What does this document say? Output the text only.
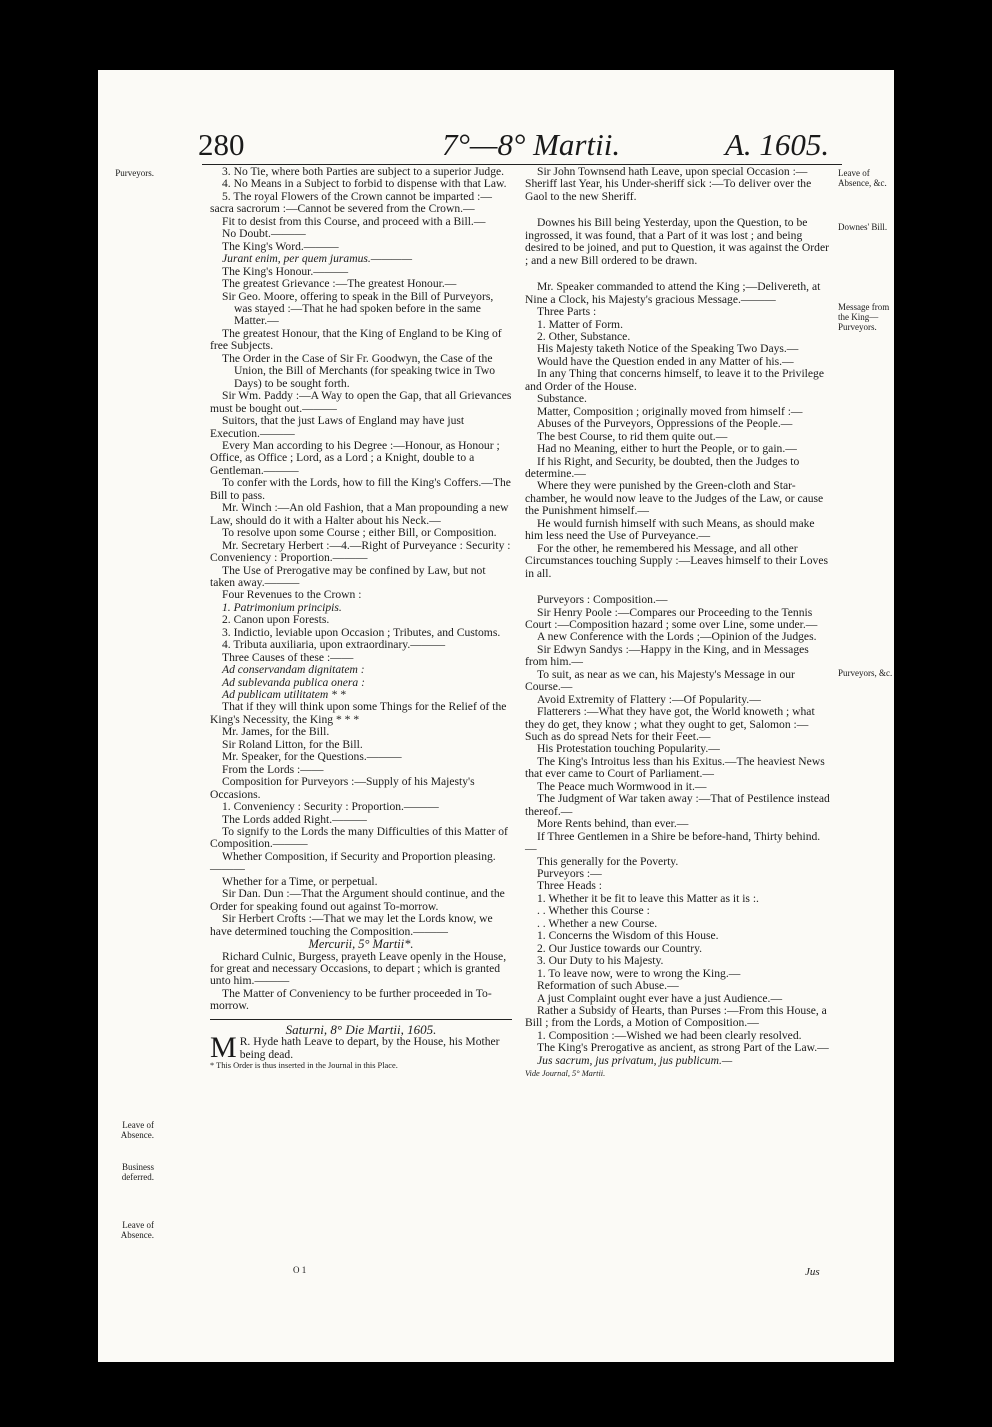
280	7°—8° Martii.	A. 1605.
Purveyors.
Leave of Absence.
Business deferred.
Leave of Absence.
Leave of Absence, &c.
Downes' Bill.
Message from the King—Purveyors.
Purveyors, &c.

3. No Tie, where both Parties are subject to a superior Judge.

4. No Means in a Subject to forbid to dispense with that Law.

5. The royal Flowers of the Crown cannot be imparted :—sacra sacrorum :—Cannot be severed from the Crown.—

Fit to desist from this Course, and proceed with a Bill.—

No Doubt.———

The King's Word.———

Jurant enim, per quem juramus.————

The King's Honour.———

The greatest Grievance :—The greatest Honour.—

Sir Geo. Moore, offering to speak in the Bill of Purveyors, was stayed :—That he had spoken before in the same Matter.—

The greatest Honour, that the King of England to be King of free Subjects.

The Order in the Case of Sir Fr. Goodwyn, the Case of the Union, the Bill of Merchants (for speaking twice in Two Days) to be sought forth.

Sir Wm. Paddy :—A Way to open the Gap, that all Grievances must be bought out.———

Suitors, that the just Laws of England may have just Execution.———

Every Man according to his Degree :—Honour, as Honour ; Office, as Office ; Lord, as a Lord ; a Knight, double to a Gentleman.———

To confer with the Lords, how to fill the King's Coffers.—The Bill to pass.

Mr. Winch :—An old Fashion, that a Man propounding a new Law, should do it with a Halter about his Neck.—

To resolve upon some Course ; either Bill, or Composition.

Mr. Secretary Herbert :—4.—Right of Purveyance : Security : Conveniency : Proportion.———

The Use of Prerogative may be confined by Law, but not taken away.———

Four Revenues to the Crown :

1. Patrimonium principis.

2. Canon upon Forests.

3. Indictio, leviable upon Occasion ; Tributes, and Customs.

4. Tributa auxiliaria, upon extraordinary.———

Three Causes of these :——

Ad conservandam dignitatem :

Ad sublevanda publica onera :

Ad publicam utilitatem * *

That if they will think upon some Things for the Relief of the King's Necessity, the King * * *

Mr. James, for the Bill.

Sir Roland Litton, for the Bill.

Mr. Speaker, for the Questions.———

From the Lords :——

Composition for Purveyors :—Supply of his Majesty's Occasions.

1. Conveniency : Security : Proportion.———

The Lords added Right.———

To signify to the Lords the many Difficulties of this Matter of Composition.———

Whether Composition, if Security and Proportion pleasing.———

Whether for a Time, or perpetual.

Sir Dan. Dun :—That the Argument should continue, and the Order for speaking found out against To-morrow.

Sir Herbert Crofts :—That we may let the Lords know, we have determined touching the Composition.———

Mercurii, 5° Martii*.

Richard Culnic, Burgess, prayeth Leave openly in the House, for great and necessary Occasions, to depart ; which is granted unto him.———

The Matter of Conveniency to be further proceeded in To-morrow.

Saturni, 8° Die Martii, 1605.

M R. Hyde hath Leave to depart, by the House, his Mother being dead.

* This Order is thus inserted in the Journal in this Place.

Sir John Townsend hath Leave, upon special Occasion :—Sheriff last Year, his Under-sheriff sick :—To deliver over the Gaol to the new Sheriff.

Downes his Bill being Yesterday, upon the Question, to be ingrossed, it was found, that a Part of it was lost ; and being desired to be joined, and put to Question, it was against the Order ; and a new Bill ordered to be drawn.

Mr. Speaker commanded to attend the King ;—Delivereth, at Nine a Clock, his Majesty's gracious Message.———

Three Parts :

1. Matter of Form.

2. Other, Substance.

His Majesty taketh Notice of the Speaking Two Days.—

Would have the Question ended in any Matter of his.—

In any Thing that concerns himself, to leave it to the Privilege and Order of the House.

Substance.

Matter, Composition ; originally moved from himself :—

Abuses of the Purveyors, Oppressions of the People.—

The best Course, to rid them quite out.—

Had no Meaning, either to hurt the People, or to gain.—

If his Right, and Security, be doubted, then the Judges to determine.—

Where they were punished by the Green-cloth and Star-chamber, he would now leave to the Judges of the Law, or cause the Punishment himself.—

He would furnish himself with such Means, as should make him less need the Use of Purveyance.—

For the other, he remembered his Message, and all other Circumstances touching Supply :—Leaves himself to their Loves in all.

Purveyors : Composition.—

Sir Henry Poole :—Compares our Proceeding to the Tennis Court :—Composition hazard ; some over Line, some under.—

A new Conference with the Lords ;—Opinion of the Judges.

Sir Edwyn Sandys :—Happy in the King, and in Messages from him.—

To suit, as near as we can, his Majesty's Message in our Course.—

Avoid Extremity of Flattery :—Of Popularity.—

Flatterers :—What they have got, the World knoweth ; what they do get, they know ; what they ought to get, Salomon :—Such as do spread Nets for their Feet.—

His Protestation touching Popularity.—

The King's Introitus less than his Exitus.—The heaviest News that ever came to Court of Parliament.—

The Peace much Wormwood in it.—

The Judgment of War taken away :—That of Pestilence instead thereof.—

More Rents behind, than ever.—

If Three Gentlemen in a Shire be before-hand, Thirty behind.—

This generally for the Poverty.

Purveyors :—

Three Heads :

1. Whether it be fit to leave this Matter as it is :.

. . Whether this Course :

. . Whether a new Course.

1. Concerns the Wisdom of this House.

2. Our Justice towards our Country.

3. Our Duty to his Majesty.

1. To leave now, were to wrong the King.—

Reformation of such Abuse.—

A just Complaint ought ever have a just Audience.—

Rather a Subsidy of Hearts, than Purses :—From this House, a Bill ; from the Lords, a Motion of Composition.—

1. Composition :—Wished we had been clearly resolved.

The King's Prerogative as ancient, as strong Part of the Law.—

Jus sacrum, jus privatum, jus publicum.—

Vide Journal, 5° Martii.

O 1	Jus
